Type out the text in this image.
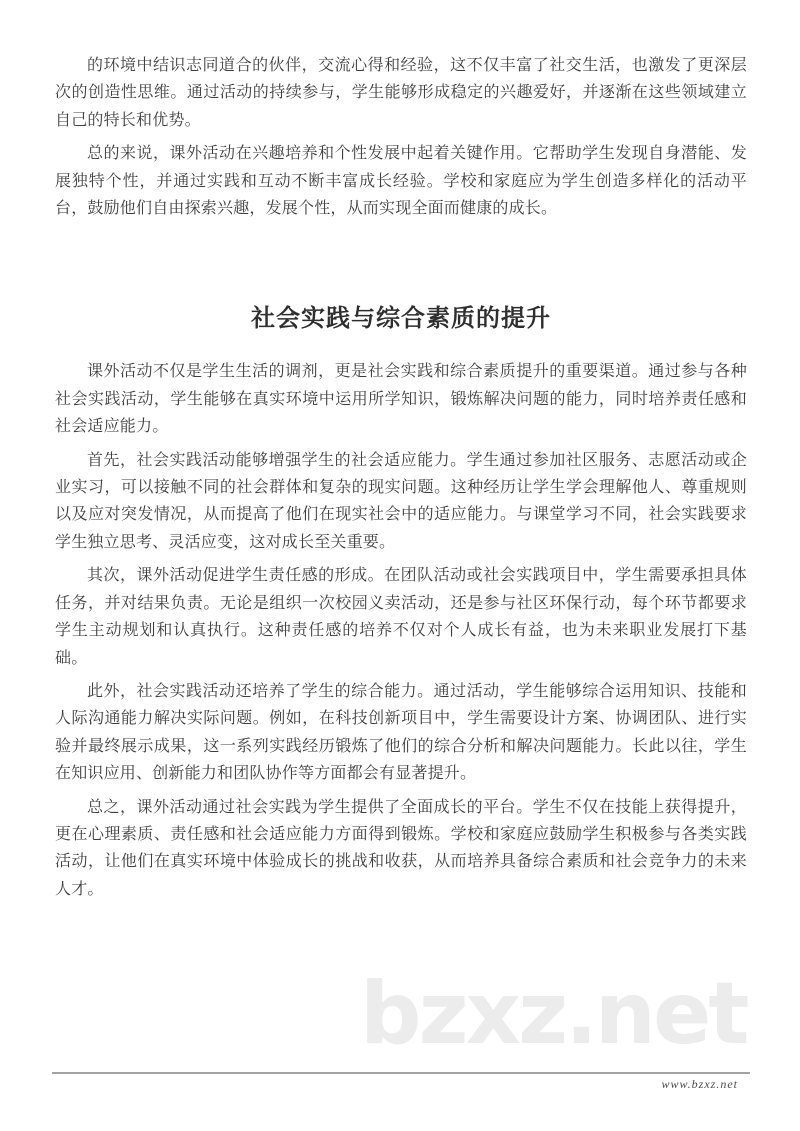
的环境中结识志同道合的伙伴，交流心得和经验，这不仅丰富了社交生活，也激发了更深层次的创造性思维。通过活动的持续参与，学生能够形成稳定的兴趣爱好，并逐渐在这些领域建立自己的特长和优势。

总的来说，课外活动在兴趣培养和个性发展中起着关键作用。它帮助学生发现自身潜能、发展独特个性，并通过实践和互动不断丰富成长经验。学校和家庭应为学生创造多样化的活动平台，鼓励他们自由探索兴趣，发展个性，从而实现全面而健康的成长。

社会实践与综合素质的提升

课外活动不仅是学生生活的调剂，更是社会实践和综合素质提升的重要渠道。通过参与各种社会实践活动，学生能够在真实环境中运用所学知识，锻炼解决问题的能力，同时培养责任感和社会适应能力。

首先，社会实践活动能够增强学生的社会适应能力。学生通过参加社区服务、志愿活动或企业实习，可以接触不同的社会群体和复杂的现实问题。这种经历让学生学会理解他人、尊重规则以及应对突发情况，从而提高了他们在现实社会中的适应能力。与课堂学习不同，社会实践要求学生独立思考、灵活应变，这对成长至关重要。

其次，课外活动促进学生责任感的形成。在团队活动或社会实践项目中，学生需要承担具体任务，并对结果负责。无论是组织一次校园义卖活动，还是参与社区环保行动，每个环节都要求学生主动规划和认真执行。这种责任感的培养不仅对个人成长有益，也为未来职业发展打下基础。

此外，社会实践活动还培养了学生的综合能力。通过活动，学生能够综合运用知识、技能和人际沟通能力解决实际问题。例如，在科技创新项目中，学生需要设计方案、协调团队、进行实验并最终展示成果，这一系列实践经历锻炼了他们的综合分析和解决问题能力。长此以往，学生在知识应用、创新能力和团队协作等方面都会有显著提升。

总之，课外活动通过社会实践为学生提供了全面成长的平台。学生不仅在技能上获得提升，更在心理素质、责任感和社会适应能力方面得到锻炼。学校和家庭应鼓励学生积极参与各类实践活动，让他们在真实环境中体验成长的挑战和收获，从而培养具备综合素质和社会竞争力的未来人才。

bzxz.net
www.bzxz.net
